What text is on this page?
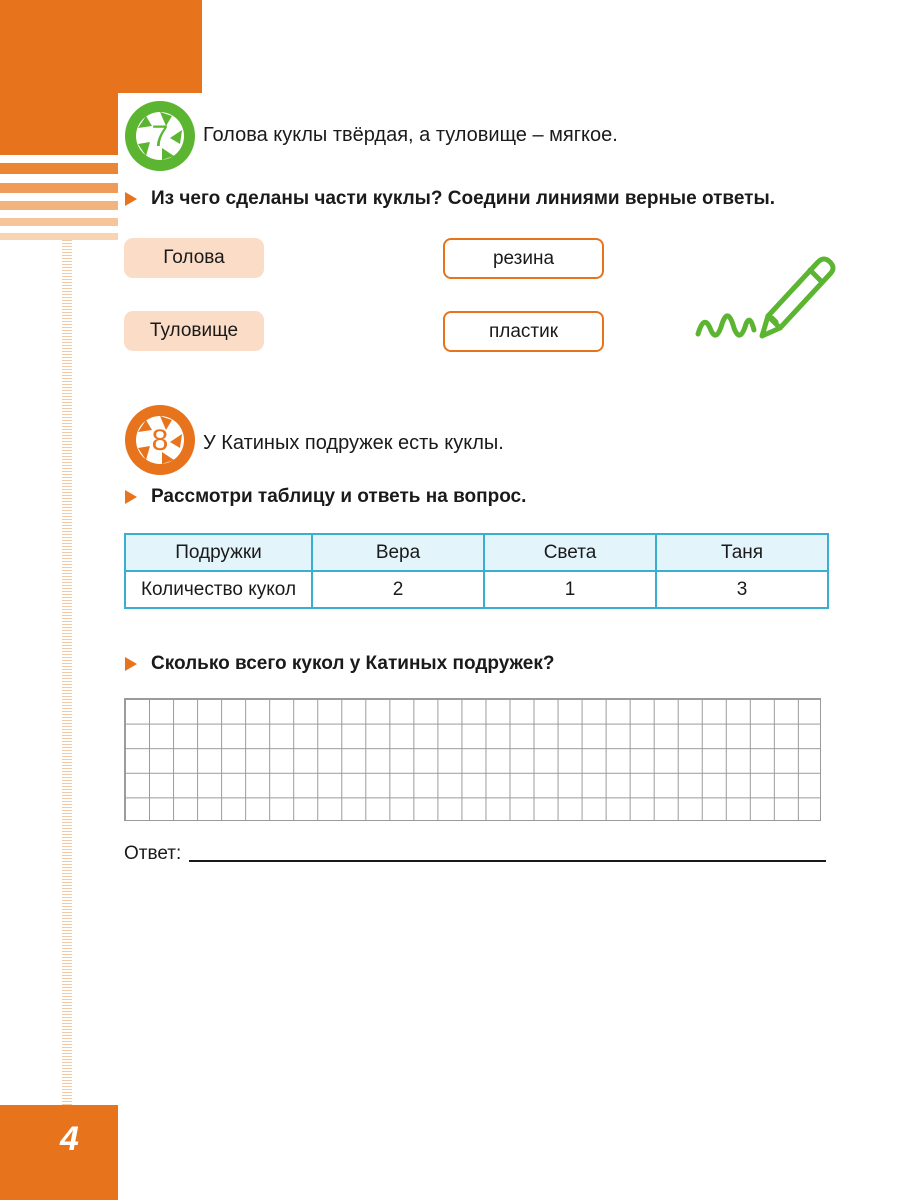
4
7 Голова куклы твёрдая, а туловище – мягкое.
Из чего сделаны части куклы? Соедини линиями верные ответы.
Голова
Туловище
резина
пластик
8 У Катиных подружек есть куклы.
Рассмотри таблицу и ответь на вопрос.
Подружки	Вера	Света	Таня
Количество кукол	2	1	3
Сколько всего кукол у Катиных подружек?
Ответ:
